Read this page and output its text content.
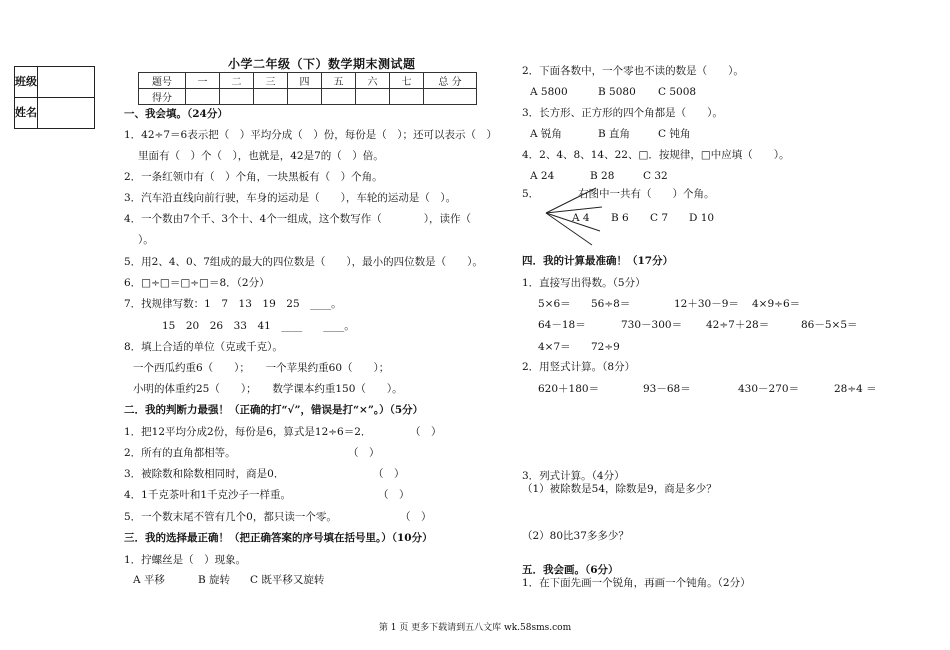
班级	
姓名	
小学二年级（下）数学期末测试题
题号	一	二	三	四	五	六	七	总 分
得分								
一、我会填。（24分）
1．42÷7＝6表示把（　）平均分成（　）份，每份是（　）；还可以表示（　）
里面有（　）个（　），也就是，42是7的（　）倍。
2．一条红领巾有（　）个角，一块黑板有（　）个角。
3．汽车沿直线向前行驶，车身的运动是（　　），车轮的运动是（　）。
4．一个数由7个千、3个十、4个一组成，这个数写作（　　　　），读作（
）。
5．用2、4、0、7组成的最大的四位数是（　　），最小的四位数是（　　）。
6．□÷□＝□÷□＝8．（2分）
7．找规律写数：1　7　13　19　25　____。
15　20　26　33　41　____　　____。
8．填上合适的单位（克或千克）。
一个西瓜约重6（　　）；　　一个苹果约重60（　　）；
小明的体重约25（　　）；　　数学课本约重150（　　）。
二．我的判断力最强！（正确的打“√”，错误是打“×”。）（5分）
1．把12平均分成2份，每份是6，算式是12÷6＝2．	（　）
2．所有的直角都相等。	（　）
3．被除数和除数相同时，商是0．	（　）
4．1千克茶叶和1千克沙子一样重。	（　）
5．一个数末尾不管有几个0，都只读一个零。	（　）
三．我的选择最正确！（把正确答案的序号填在括号里。）（10分）
1．拧螺丝是（　）现象。
A 平移	B 旋转 C 既平移又旋转
2．下面各数中，一个零也不读的数是（　　）。
A 5800	B 5080 C 5008
3．长方形、正方形的四个角都是（　　）。
A 锐角	B 直角	C 钝角
4．2、4、8、14、22、□．按规律，□中应填（　　）。
A 24	B 28	C 32
5．	右图中一共有（　　）个角。
A 4 B 6 C 7 D 10
四．我的计算最准确！（17分）
1．直接写出得数。（5分）
5×6＝ 56÷8＝	12＋30－9＝ 4×9÷6＝
64－18＝	730－300＝ 42÷7＋28＝	86－5×5＝
4×7＝ 72÷9
2．用竖式计算。（8分）
620＋180＝	93－68＝	430－270＝	28÷4 ＝
3．列式计算。（4分）
（1）被除数是54，除数是9，商是多少？
（2）80比37多多少？
五．我会画。（6分）
1．在下面先画一个锐角，再画一个钝角。（2分）
第 1 页 更多下载请到五八文库 wk.58sms.com
